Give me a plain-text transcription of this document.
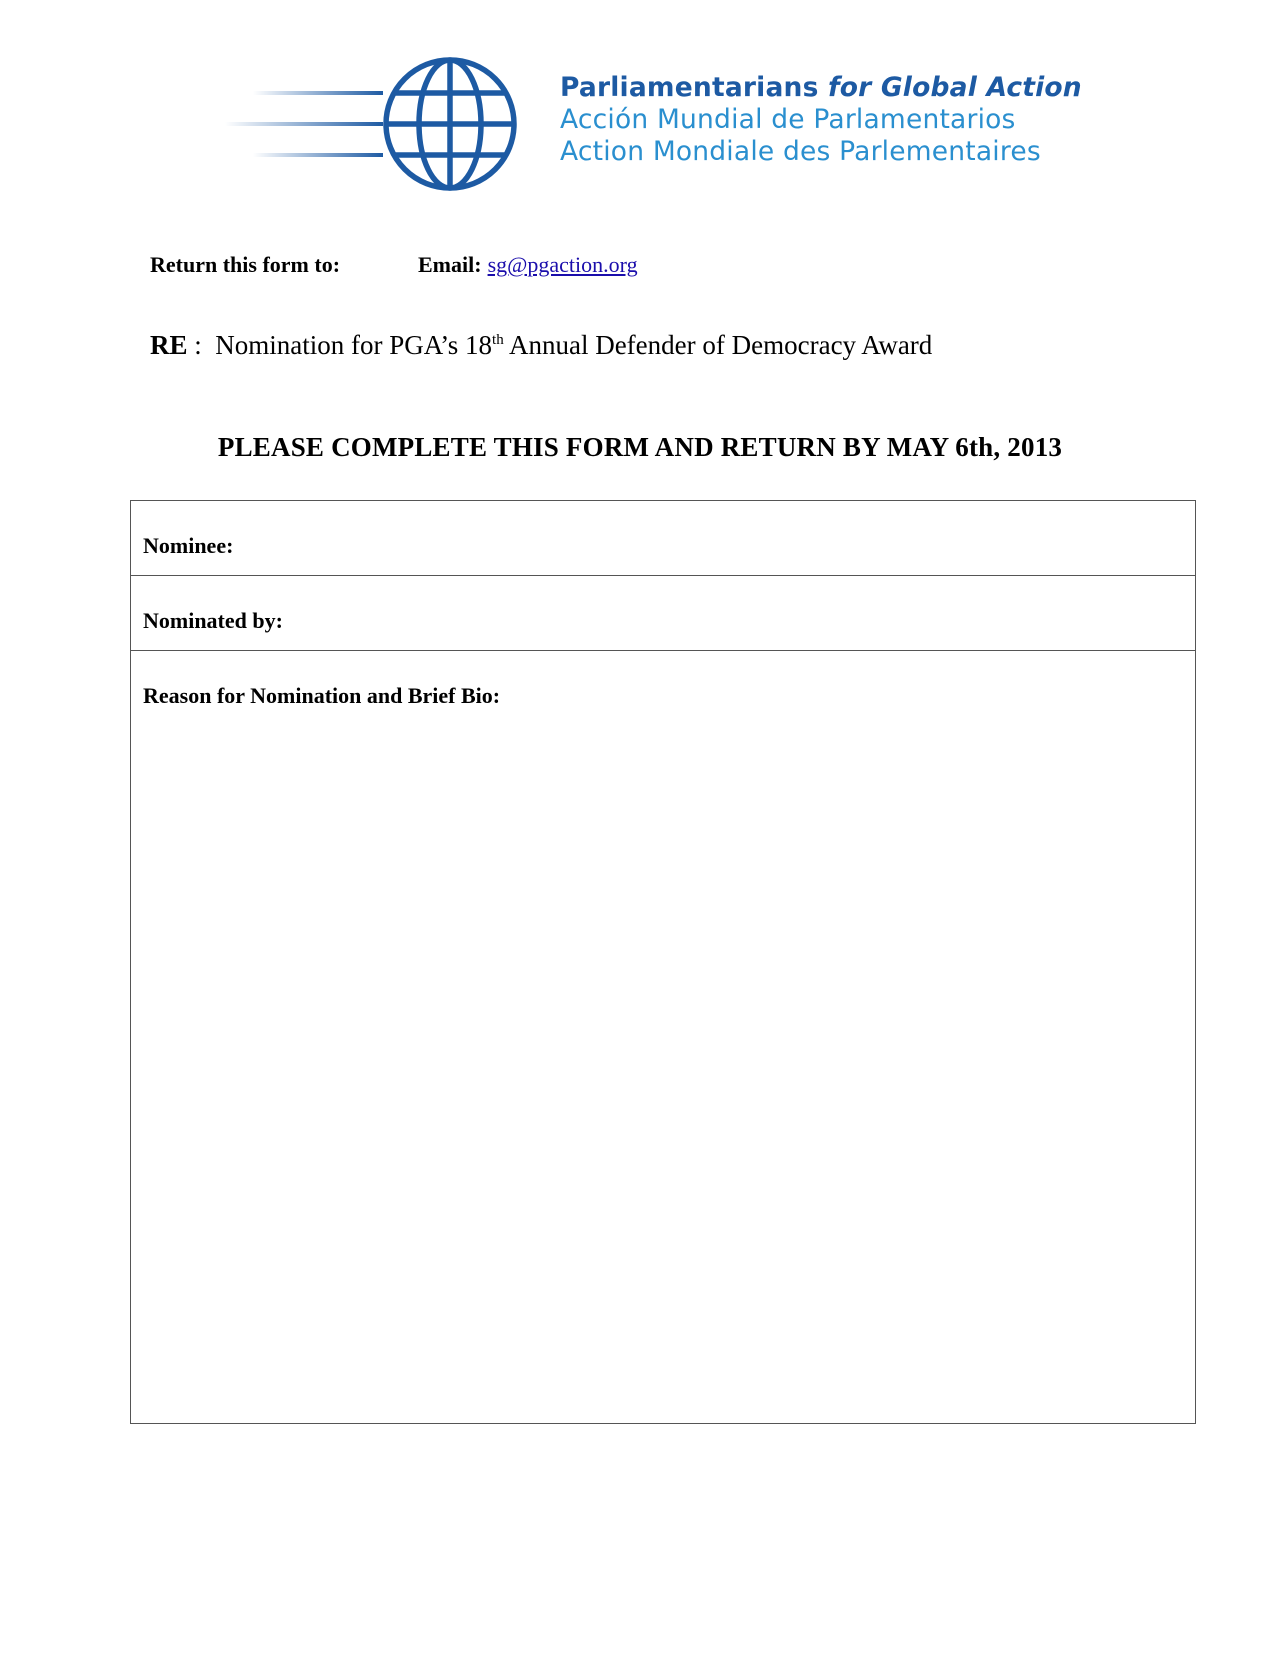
Parliamentarians for Global Action
Acción Mundial de Parlamentarios
Action Mondiale des Parlementaires
Return this form to:	Email: sg@pgaction.org
RE :  Nomination for PGA’s 18th Annual Defender of Democracy Award
PLEASE COMPLETE THIS FORM AND RETURN BY MAY 6th, 2013
Nominee:
Nominated by:
Reason for Nomination and Brief Bio:
